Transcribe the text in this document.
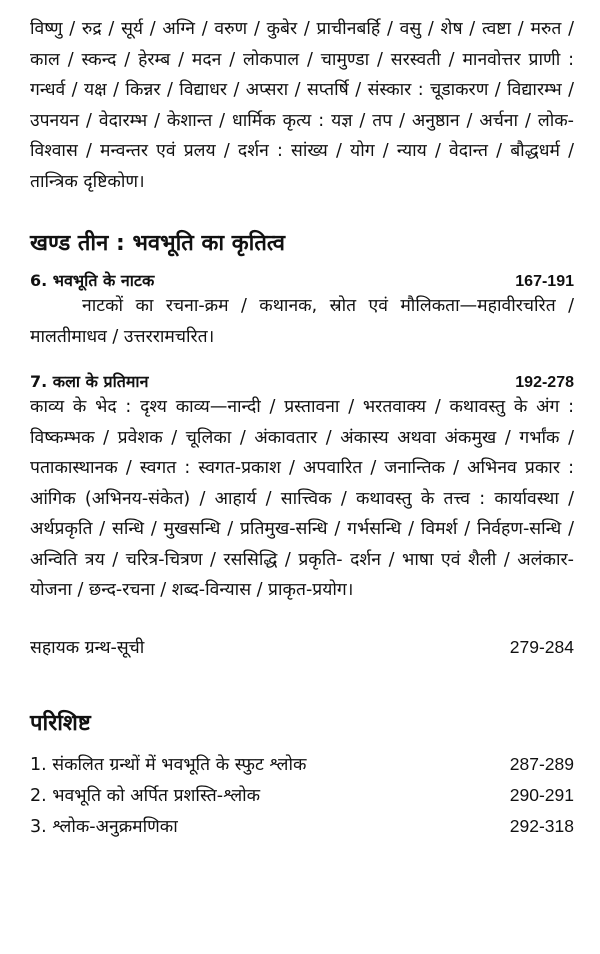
विष्णु / रुद्र / सूर्य / अग्नि / वरुण / कुबेर / प्राचीनबर्हि / वसु / शेष / त्वष्टा / मरुत / काल / स्कन्द / हेरम्ब / मदन / लोकपाल / चामुण्डा / सरस्वती / मानवोत्तर प्राणी : गन्धर्व / यक्ष / किन्नर / विद्याधर / अप्सरा / सप्तर्षि / संस्कार : चूडाकरण / विद्यारम्भ / उपनयन / वेदारम्भ / केशान्त / धार्मिक कृत्य : यज्ञ / तप / अनुष्ठान / अर्चना / लोक-विश्वास / मन्वन्तर एवं प्रलय / दर्शन : सांख्य / योग / न्याय / वेदान्त / बौद्धधर्म / तान्त्रिक दृष्टिकोण।

खण्ड तीन : भवभूति का कृतित्व
6. भवभूति के नाटक	167-191

नाटकों का रचना-क्रम / कथानक, स्रोत एवं मौलिकता—महावीरचरित / मालतीमाधव / उत्तररामचरित।

7. कला के प्रतिमान	192-278

काव्य के भेद : दृश्य काव्य—नान्दी / प्रस्तावना / भरतवाक्य / कथावस्तु के अंग : विष्कम्भक / प्रवेशक / चूलिका / अंकावतार / अंकास्य अथवा अंकमुख / गर्भांक / पताकास्थानक / स्वगत : स्वगत-प्रकाश / अपवारित / जनान्तिक / अभिनव प्रकार : आंगिक (अभिनय-संकेत) / आहार्य / सात्त्विक / कथावस्तु के तत्त्व : कार्यावस्था / अर्थप्रकृति / सन्धि / मुखसन्धि / प्रतिमुख-सन्धि / गर्भसन्धि / विमर्श / निर्वहण-सन्धि / अन्विति त्रय / चरित्र-चित्रण / रससिद्धि / प्रकृति- दर्शन / भाषा एवं शैली / अलंकार-योजना / छन्द-रचना / शब्द-विन्यास / प्राकृत-प्रयोग।

सहायक ग्रन्थ-सूची	279-284
परिशिष्ट
1. संकलित ग्रन्थों में भवभूति के स्फुट श्लोक	287-289
2. भवभूति को अर्पित प्रशस्ति-श्लोक	290-291
3. श्लोक-अनुक्रमणिका	292-318
